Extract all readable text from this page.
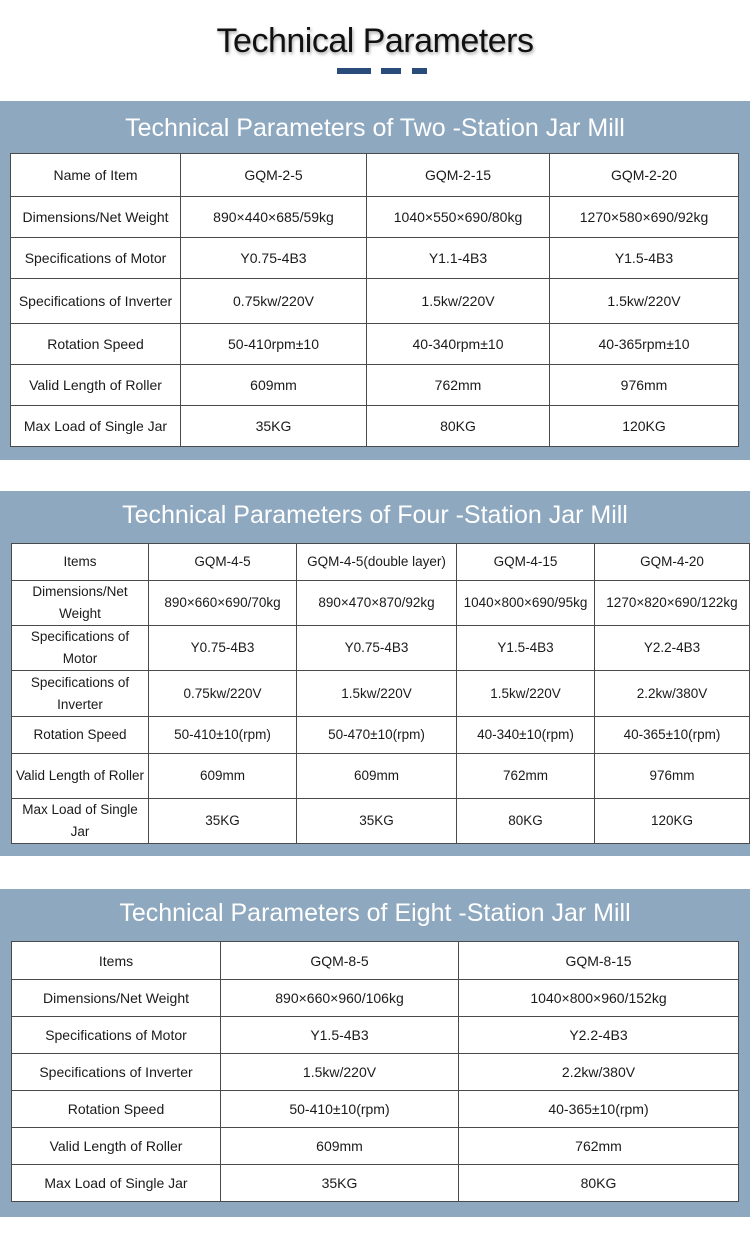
Technical Parameters
Technical Parameters of Two -Station Jar Mill
Name of Item	GQM-2-5	GQM-2-15	GQM-2-20
Dimensions/Net Weight	890×440×685/59kg	1040×550×690/80kg	1270×580×690/92kg
Specifications of Motor	Y0.75-4B3	Y1.1-4B3	Y1.5-4B3
Specifications of Inverter	0.75kw/220V	1.5kw/220V	1.5kw/220V
Rotation Speed	50-410rpm±10	40-340rpm±10	40-365rpm±10
Valid Length of Roller	609mm	762mm	976mm
Max Load of Single Jar	35KG	80KG	120KG
Technical Parameters of Four -Station Jar Mill
Items	GQM-4-5	GQM-4-5(double layer)	GQM-4-15	GQM-4-20
Dimensions/Net Weight	890×660×690/70kg	890×470×870/92kg	1040×800×690/95kg	1270×820×690/122kg
Specifications of Motor	Y0.75-4B3	Y0.75-4B3	Y1.5-4B3	Y2.2-4B3
Specifications of Inverter	0.75kw/220V	1.5kw/220V	1.5kw/220V	2.2kw/380V
Rotation Speed	50-410±10(rpm)	50-470±10(rpm)	40-340±10(rpm)	40-365±10(rpm)
Valid Length of Roller	609mm	609mm	762mm	976mm
Max Load of Single Jar	35KG	35KG	80KG	120KG
Technical Parameters of Eight -Station Jar Mill
Items	GQM-8-5	GQM-8-15
Dimensions/Net Weight	890×660×960/106kg	1040×800×960/152kg
Specifications of Motor	Y1.5-4B3	Y2.2-4B3
Specifications of Inverter	1.5kw/220V	2.2kw/380V
Rotation Speed	50-410±10(rpm)	40-365±10(rpm)
Valid Length of Roller	609mm	762mm
Max Load of Single Jar	35KG	80KG
